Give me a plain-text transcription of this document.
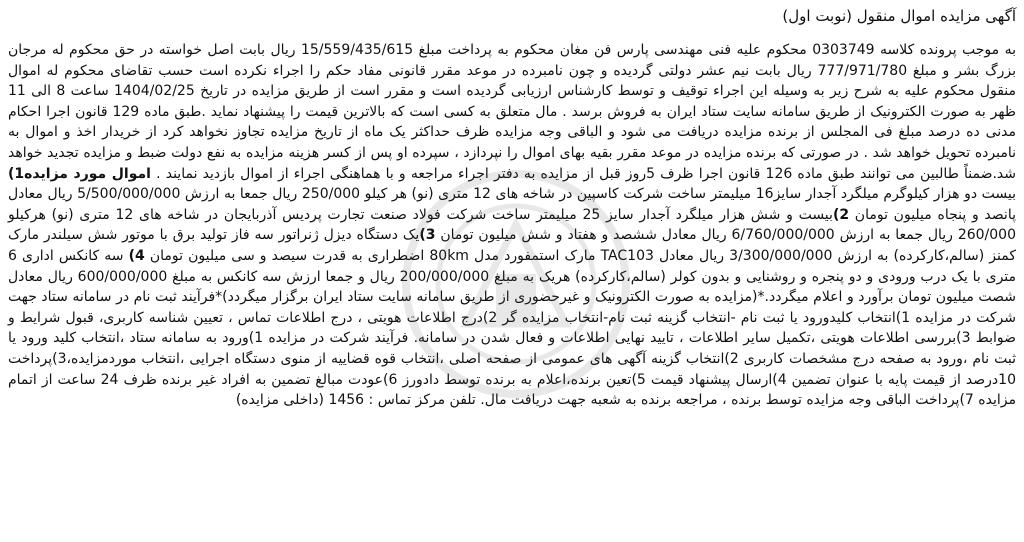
آگهی مزایده اموال منقول (نوبت اول)

به موجب پرونده کلاسه 0303749 محکوم علیه فنی مهندسی پارس فن مغان محکوم به پرداخت مبلغ 15/559/435/615 ریال بابت اصل خواسته در حق محکوم له مرجان بزرگ بشر و مبلغ 777/971/780 ریال بابت نیم عشر دولتی گردیده و چون نامبرده در موعد مقرر قانونی مفاد حکم را اجراء نکرده است حسب تقاضای محکوم له اموال منقول محکوم علیه به شرح زیر به وسیله این اجراء توقیف و توسط کارشناس ارزیابی گردیده است و مقرر است از طریق مزایده در تاریخ 1404/02/25 ساعت 8 الی 11 ظهر به صورت الکترونیک از طریق سامانه سایت ستاد ایران به فروش برسد . مال متعلق به کسی است که بالاترین قیمت را پیشنهاد نماید .طبق ماده 129 قانون اجرا احکام مدنی ده درصد مبلغ فی المجلس از برنده مزایده دریافت می شود و الباقی وجه مزایده ظرف حداکثر یک ماه از تاریخ مزایده تجاوز نخواهد کرد از خریدار اخذ و اموال به نامبرده تحویل خواهد شد . در صورتی که برنده مزایده در موعد مقرر بقیه بهای اموال را نپردازد ، سپرده او پس از کسر هزینه مزایده به نفع دولت ضبط و مزایده تجدید خواهد شد.ضمناً طالبین می توانند طبق ماده 126 قانون اجرا ظرف 5روز قبل از مزایده به دفتر اجراء مراجعه و با هماهنگی اجراء از اموال بازدید نمایند . اموال مورد مزایده1) بیست دو هزار کیلوگرم میلگرد آجدار سایز16 میلیمتر ساخت شرکت کاسپین در شاخه های 12 متری (نو) هر کیلو 250/000 ریال جمعا به ارزش 5/500/000/000 ریال معادل پانصد و پنجاه میلیون تومان 2)بیست و شش هزار میلگرد آجدار سایز 25 میلیمتر ساخت شرکت فولاد صنعت تجارت پردیس آذربایجان در شاخه های 12 متری (نو) هرکیلو 260/000 ریال جمعا به ارزش 6/760/000/000 ریال معادل ششصد و هفتاد و شش میلیون تومان 3)یک دستگاه دیزل ژنراتور سه فاز تولید برق با موتور شش سیلندر مارک کمنز (سالم،کارکرده) به ارزش 3/300/000/000 ریال معادل TAC103 مارک استمفورد مدل 80km اضطراری به قدرت سیصد و سی میلیون تومان 4) سه کانکس اداری 6 متری با یک درب ورودی و دو پنجره و روشنایی و بدون کولر (سالم،کارکرده) هریک به مبلغ 200/000/000 ریال و جمعا ارزش سه کانکس به مبلغ 600/000/000 ریال معادل شصت میلیون تومان برآورد و اعلام میگردد.*(مزایده به صورت الکترونیک و غیرحضوری از طریق سامانه سایت ستاد ایران برگزار میگردد)*فرآیند ثبت نام در سامانه ستاد جهت شرکت در مزایده 1)انتخاب کلیدورود یا ثبت نام -انتخاب گزینه ثبت نام-انتخاب مزایده گر 2)درج اطلاعات هویتی ، درج اطلاعات تماس ، تعیین شناسه کاربری، قبول شرایط و ضوابط 3)بررسی اطلاعات هویتی ،تکمیل سایر اطلاعات ، تایید نهایی اطلاعات و فعال شدن در سامانه. فرآیند شرکت در مزایده 1)ورود به سامانه ستاد ،انتخاب کلید ورود یا ثبت نام ،ورود به صفحه درج مشخصات کاربری 2)انتخاب گزینه آگهی های عمومی از صفحه اصلی ،انتخاب قوه قضاییه از منوی دستگاه اجرایی ،انتخاب موردمزایده،3)پرداخت 10درصد از قیمت پایه با عنوان تضمین 4)ارسال پیشنهاد قیمت 5)تعین برنده،اعلام به برنده توسط دادورز 6)عودت مبالغ تضمین به افراد غیر برنده ظرف 24 ساعت از اتمام مزایده 7)پرداخت الباقی وجه مزایده توسط برنده ، مراجعه برنده به شعبه جهت دریافت مال. تلفن مرکز تماس : 1456 (داخلی مزایده)
